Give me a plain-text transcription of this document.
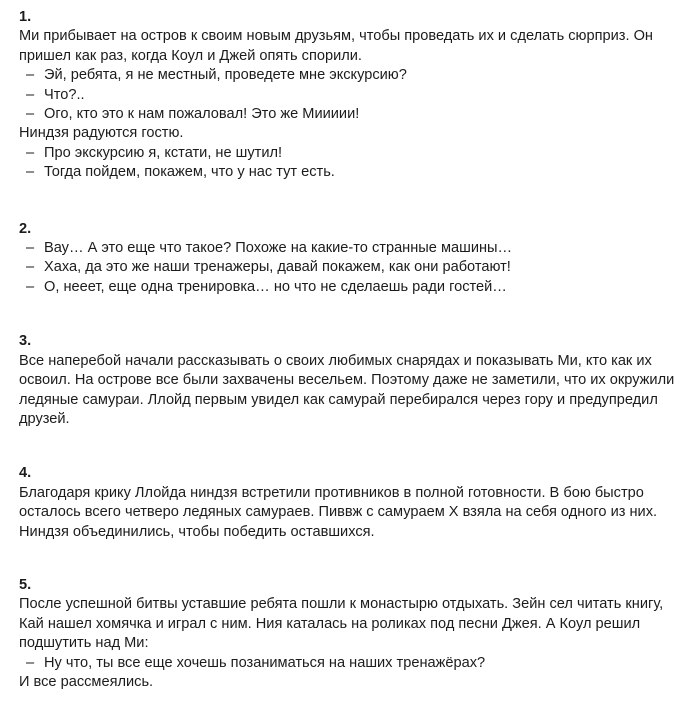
1.

Ми прибывает на остров к своим новым друзьям, чтобы проведать их и сделать сюрприз. Он пришел как раз, когда Коул и Джей опять спорили.

– Эй, ребята, я не местный, проведете мне экскурсию?
– Что?..
– Ого, кто это к нам пожаловал! Это же Миииии!

Ниндзя радуются гостю.

– Про экскурсию я, кстати, не шутил!
– Тогда пойдем, покажем, что у нас тут есть.

2.

– Вау… А это еще что такое? Похоже на какие-то странные машины…
– Хаха, да это же наши тренажеры, давай покажем, как они работают!
– О, нееет, еще одна тренировка… но что не сделаешь ради гостей…

3.

Все наперебой начали рассказывать о своих любимых снарядах и показывать Ми, кто как их освоил. На острове все были захвачены весельем. Поэтому даже не заметили, что их окружили ледяные самураи. Ллойд первым увидел как самурай перебирался через гору и предупредил друзей.

4.

Благодаря крику Ллойда ниндзя встретили противников в полной готовности. В бою быстро осталось всего четверо ледяных самураев. Пиввж с самураем Х взяла на себя одного из них. Ниндзя объединились, чтобы победить оставшихся.

5.

После успешной битвы уставшие ребята пошли к монастырю отдыхать. Зейн сел читать книгу, Кай нашел хомячка и играл с ним. Ния каталась на роликах под песни Джея. А Коул решил подшутить над Ми:

– Ну что, ты все еще хочешь позаниматься на наших тренажёрах?

И все рассмеялись.
